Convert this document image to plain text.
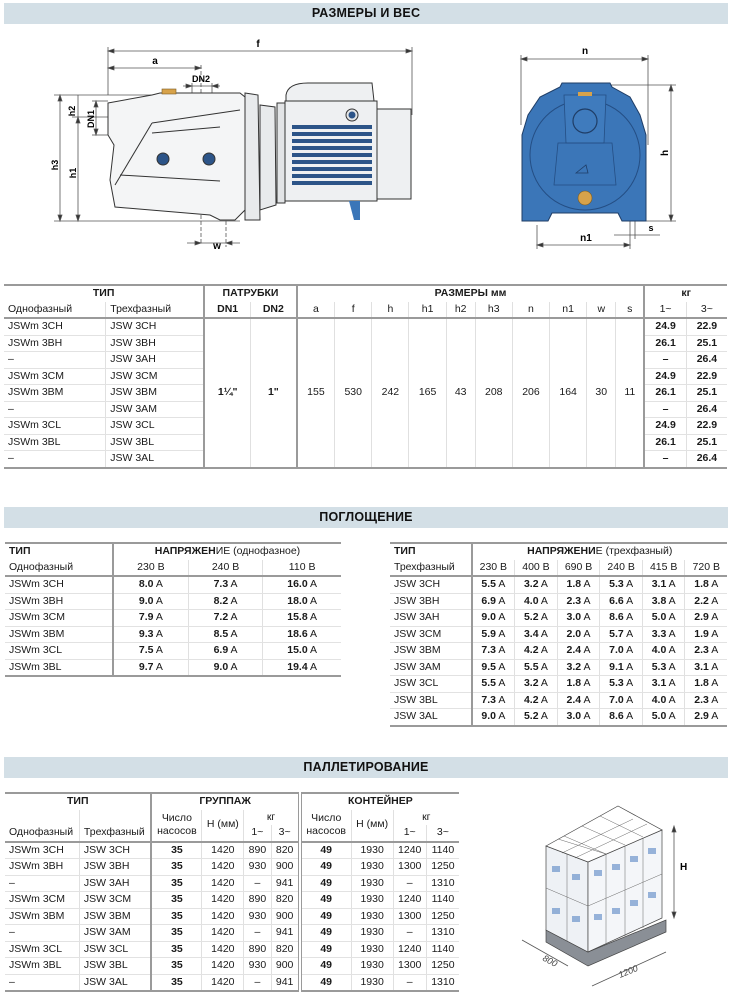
РАЗМЕРЫ И ВЕС
f
a
DN2
w
h2 DN1
h3
h1
n
n1
s
h
ТИП		ПАТРУБКИ		РАЗМЕРЫ мм										кг	
Однофазный	Трехфазный	DN1	DN2	a	f	h	h1	h2	h3	n	n1	w	s	1~	3~
JSWm 3CH	JSW 3CH	1¼"	1"	155	530	242	165	43	208	206	164	30	11	24.9	22.9
JSWm 3BH	JSW 3BH													26.1	25.1
–	JSW 3AH													–	26.4
JSWm 3CM	JSW 3CM													24.9	22.9
JSWm 3BM	JSW 3BM													26.1	25.1
–	JSW 3AM													–	26.4
JSWm 3CL	JSW 3CL													24.9	22.9
JSWm 3BL	JSW 3BL													26.1	25.1
–	JSW 3AL													–	26.4
ПОГЛОЩЕНИЕ
ТИП	НАПРЯЖЕНИЕ (однофазное)		
Однофазный	230 В	240 В	110 В
JSWm 3CH	8.0 A	7.3 A	16.0 A
JSWm 3BH	9.0 A	8.2 A	18.0 A
JSWm 3CM	7.9 A	7.2 A	15.8 A
JSWm 3BM	9.3 A	8.5 A	18.6 A
JSWm 3CL	7.5 A	6.9 A	15.0 A
JSWm 3BL	9.7 A	9.0 A	19.4 A
ТИП	НАПРЯЖЕНИЕ (трехфазный)					
Трехфазный	230 В	400 В	690 В	240 В	415 В	720 В
JSW 3CH	5.5 A	3.2 A	1.8 A	5.3 A	3.1 A	1.8 A
JSW 3BH	6.9 A	4.0 A	2.3 A	6.6 A	3.8 A	2.2 A
JSW 3AH	9.0 A	5.2 A	3.0 A	8.6 A	5.0 A	2.9 A
JSW 3CM	5.9 A	3.4 A	2.0 A	5.7 A	3.3 A	1.9 A
JSW 3BM	7.3 A	4.2 A	2.4 A	7.0 A	4.0 A	2.3 A
JSW 3AM	9.5 A	5.5 A	3.2 A	9.1 A	5.3 A	3.1 A
JSW 3CL	5.5 A	3.2 A	1.8 A	5.3 A	3.1 A	1.8 A
JSW 3BL	7.3 A	4.2 A	2.4 A	7.0 A	4.0 A	2.3 A
JSW 3AL	9.0 A	5.2 A	3.0 A	8.6 A	5.0 A	2.9 A
ПАЛЛЕТИРОВАНИЕ
ТИП		ГРУППАЖ				КОНТЕЙНЕР			
Однофазный	Трехфазный	Число
насосов	H (мм)	кг		Число
насосов	H (мм)	кг	
				1~	3~			1~	3~

JSWm 3CH	JSW 3CH	35	1420	890	820	49	1930	1240	1140
JSWm 3BH	JSW 3BH	35	1420	930	900	49	1930	1300	1250
–	JSW 3AH	35	1420	–	941	49	1930	–	1310
JSWm 3CM	JSW 3CM	35	1420	890	820	49	1930	1240	1140
JSWm 3BM	JSW 3BM	35	1420	930	900	49	1930	1300	1250
–	JSW 3AM	35	1420	–	941	49	1930	–	1310
JSWm 3CL	JSW 3CL	35	1420	890	820	49	1930	1240	1140
JSWm 3BL	JSW 3BL	35	1420	930	900	49	1930	1300	1250
–	JSW 3AL	35	1420	–	941	49	1930	–	1310
H
800
1200
